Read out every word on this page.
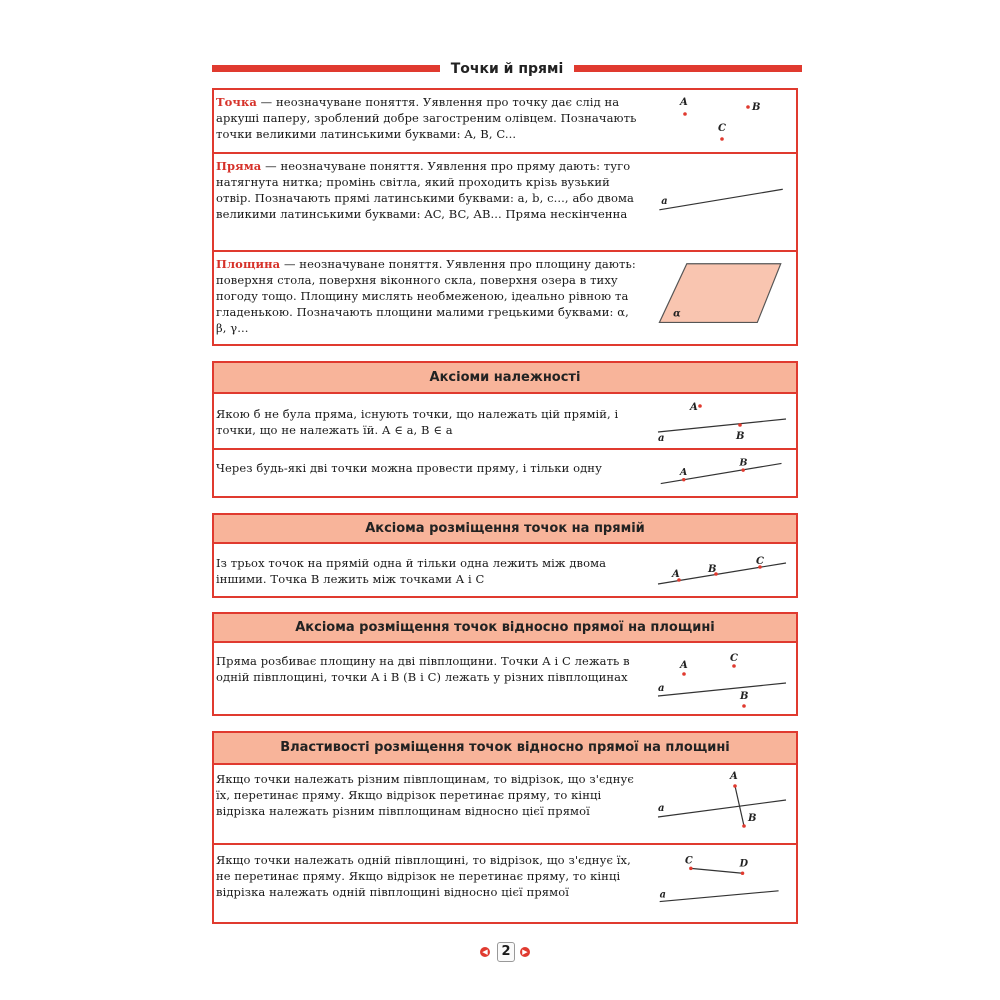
Точки й прямі
Точка — неозначуване поняття. Уявлення про точку дає слід на аркуші паперу, зроблений добре загостреним олівцем. Позначають точки великими латинськими буквами: A, B, C...
A	B
C
Пряма — неозначуване поняття. Уявлення про пряму дають: туго натягнута нитка; промінь світла, який проходить крізь вузький отвір. Позначають прямі латинськими буквами: a, b, c..., або двома великими латинськими буквами: AC, BC, AB... Пряма нескінченна
a
Площина — неозначуване поняття. Уявлення про площину дають: поверхня стола, поверхня віконного скла, поверхня озера в тиху погоду тощо. Площину мислять необмеженою, ідеально рівною та гладенькою. Позначають площини малими грецькими буквами: α, β, γ...
α
Аксіоми належності
Якою б не була пряма, існують точки, що належать цій прямій, і точки, що не належать їй. A ∈ a, B ∈ a
A
a	B
Через будь-які дві точки можна провести пряму, і тільки одну	A
B
Аксіома розміщення точок на прямій
Із трьох точок на прямій одна й тільки одна лежить між двома іншими. Точка B лежить між точками A і C	A	B
C
Аксіома розміщення точок відносно прямої на площині
Пряма розбиває площину на дві півплощини. Точки A і C лежать в одній півплощині, точки A і B (B і C) лежать у різних півплощинах
A
C
a
B
Властивості розміщення точок відносно прямої на площині
Якщо точки належать різним півплощинам, то відрізок, що з'єднує їх, перетинає пряму. Якщо відрізок перетинає пряму, то кінці відрізка належать різним півплощинам відносно цієї прямої
A
a
B
Якщо точки належать одній півплощині, то відрізок, що з'єднує їх, не перетинає пряму. Якщо відрізок не перетинає пряму, то кінці відрізка належать одній півплощині відносно цієї прямої
C	D
a
◀	2	▶
